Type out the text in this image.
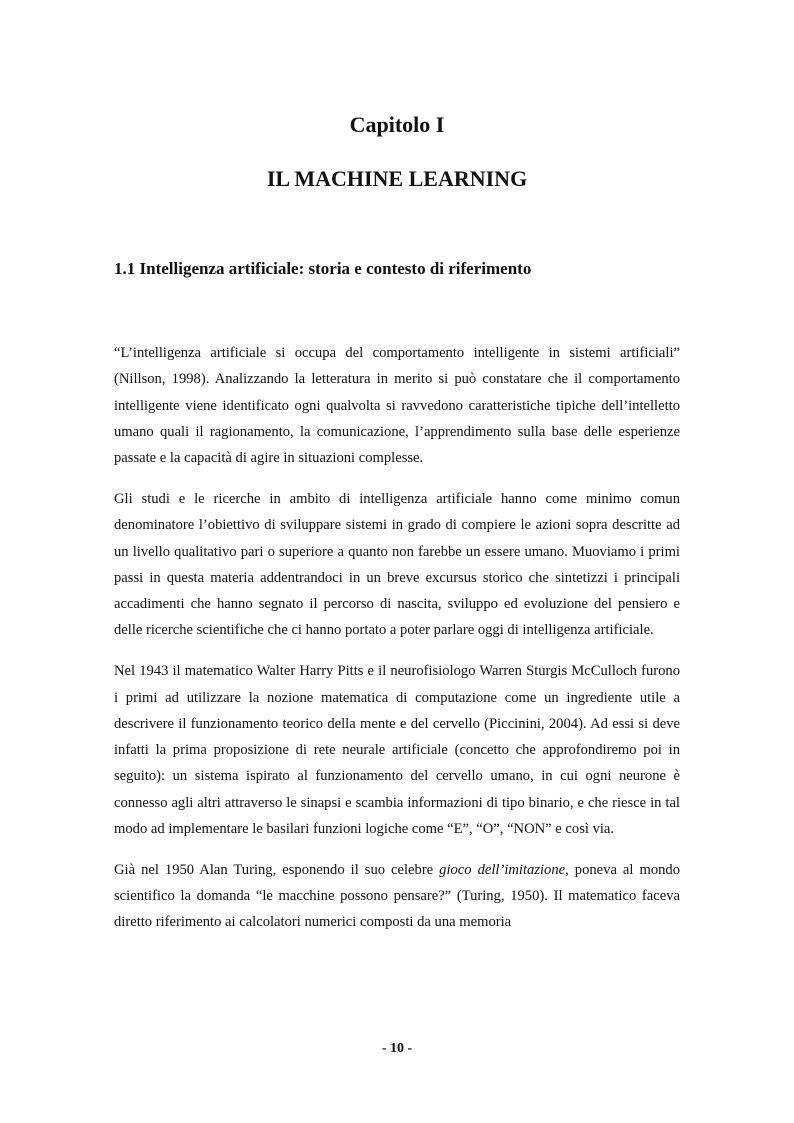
Capitolo I
IL MACHINE LEARNING
1.1 Intelligenza artificiale: storia e contesto di riferimento

“L’intelligenza artificiale si occupa del comportamento intelligente in sistemi artificiali” (Nillson, 1998). Analizzando la letteratura in merito si può constatare che il comportamento intelligente viene identificato ogni qualvolta si ravvedono caratteristiche tipiche dell’intelletto umano quali il ragionamento, la comunicazione, l’apprendimento sulla base delle esperienze passate e la capacità di agire in situazioni complesse.

Gli studi e le ricerche in ambito di intelligenza artificiale hanno come minimo comun denominatore l’obiettivo di sviluppare sistemi in grado di compiere le azioni sopra descritte ad un livello qualitativo pari o superiore a quanto non farebbe un essere umano. Muoviamo i primi passi in questa materia addentrandoci in un breve excursus storico che sintetizzi i principali accadimenti che hanno segnato il percorso di nascita, sviluppo ed evoluzione del pensiero e delle ricerche scientifiche che ci hanno portato a poter parlare oggi di intelligenza artificiale.

Nel 1943 il matematico Walter Harry Pitts e il neurofisiologo Warren Sturgis McCulloch furono i primi ad utilizzare la nozione matematica di computazione come un ingrediente utile a descrivere il funzionamento teorico della mente e del cervello (Piccinini, 2004). Ad essi si deve infatti la prima proposizione di rete neurale artificiale (concetto che approfondiremo poi in seguito): un sistema ispirato al funzionamento del cervello umano, in cui ogni neurone è connesso agli altri attraverso le sinapsi e scambia informazioni di tipo binario, e che riesce in tal modo ad implementare le basilari funzioni logiche come “E”, “O”, “NON” e così via.

Già nel 1950 Alan Turing, esponendo il suo celebre gioco dell’imitazione, poneva al mondo scientifico la domanda “le macchine possono pensare?” (Turing, 1950). Il matematico faceva diretto riferimento ai calcolatori numerici composti da una memoria

- 10 -
